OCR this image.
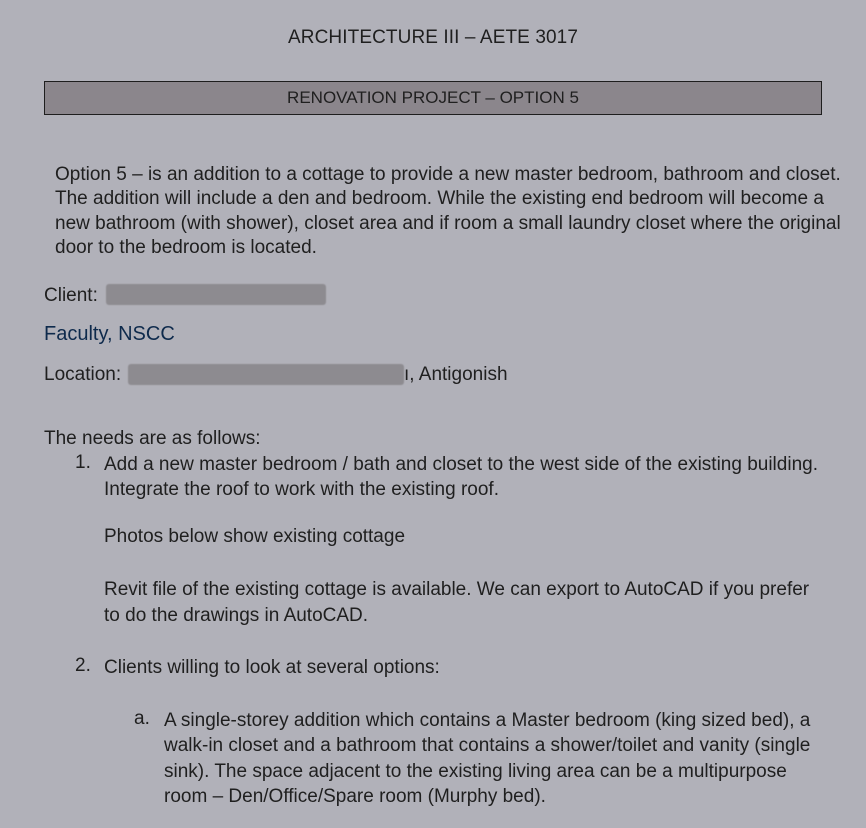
ARCHITECTURE III – AETE 3017
RENOVATION PROJECT – OPTION 5
Option 5 – is an addition to a cottage to provide a new master bedroom, bathroom and closet. The addition will include a den and bedroom. While the existing end bedroom will become a new bathroom (with shower), closet area and if room a small laundry closet where the original door to the bedroom is located.
Client:
Faculty, NSCC
Location:	ı, Antigonish
The needs are as follows:
1. Add a new master bedroom / bath and closet to the west side of the existing building. Integrate the roof to work with the existing roof.
Photos below show existing cottage
Revit file of the existing cottage is available. We can export to AutoCAD if you prefer to do the drawings in AutoCAD.
2. Clients willing to look at several options:
a. A single-storey addition which contains a Master bedroom (king sized bed), a walk-in closet and a bathroom that contains a shower/toilet and vanity (single sink). The space adjacent to the existing living area can be a multipurpose room – Den/Office/Spare room (Murphy bed).
